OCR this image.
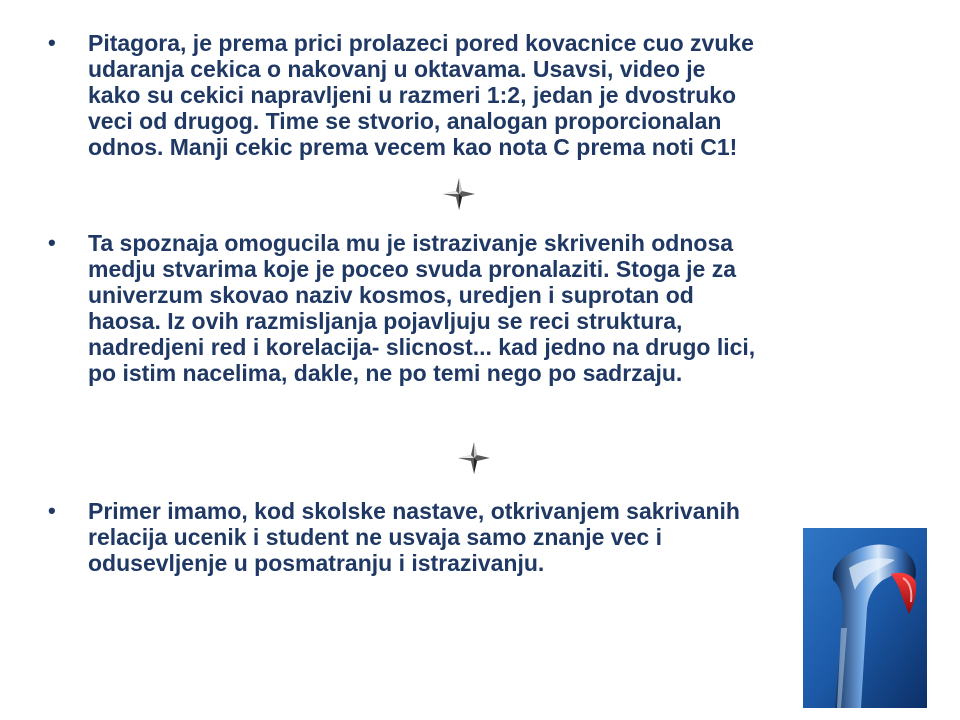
• Pitagora, je prema prici prolazeci pored kovacnice cuo zvuke
udaranja cekica o nakovanj u oktavama. Usavsi, video je
kako su cekici napravljeni u razmeri 1:2, jedan je dvostruko
veci od drugog. Time se stvorio, analogan proporcionalan
odnos. Manji cekic prema vecem kao nota C prema noti C1!
• Ta spoznaja omogucila mu je istrazivanje skrivenih odnosa
medju stvarima koje je poceo svuda pronalaziti. Stoga je za
univerzum skovao naziv kosmos, uredjen i suprotan od
haosa. Iz ovih razmisljanja pojavljuju se reci struktura,
nadredjeni red i korelacija- slicnost... kad jedno na drugo lici,
po istim nacelima, dakle, ne po temi nego po sadrzaju.
• Primer imamo, kod skolske nastave, otkrivanjem sakrivanih
relacija ucenik i student ne usvaja samo znanje vec i
odusevljenje u posmatranju i istrazivanju.
